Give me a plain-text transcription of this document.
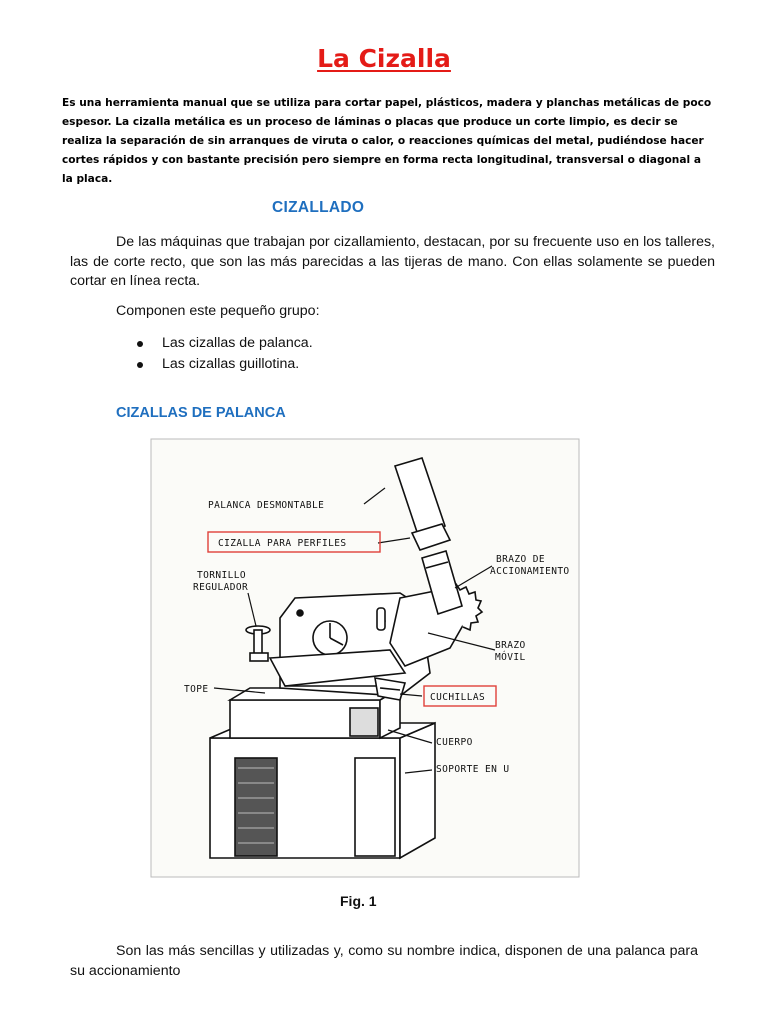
La Cizalla
Es una herramienta manual que se utiliza para cortar papel, plásticos, madera y planchas metálicas de poco espesor. La cizalla metálica es un proceso de láminas o placas que produce un corte limpio, es decir se realiza la separación de sin arranques de viruta o calor, o reacciones químicas del metal, pudiéndose hacer cortes rápidos y con bastante precisión pero siempre en forma recta longitudinal, transversal o diagonal a la placa.
CIZALLADO
De las máquinas que trabajan por cizallamiento, destacan, por su frecuente uso en los talleres, las de corte recto, que son las más parecidas a las tijeras de mano. Con ellas solamente se pueden cortar en línea recta.
Componen este pequeño grupo:
Las cizallas de palanca.
Las cizallas guillotina.
CIZALLAS DE PALANCA
PALANCA DESMONTABLE
CIZALLA PARA PERFILES
BRAZO DE
ACCIONAMIENTO
TORNILLO
REGULADOR
BRAZO
MÓVIL
TOPE
CUCHILLAS
CUERPO
SOPORTE EN U
Fig. 1
Son las más sencillas y utilizadas y, como su nombre indica, disponen de una palanca para su accionamiento
